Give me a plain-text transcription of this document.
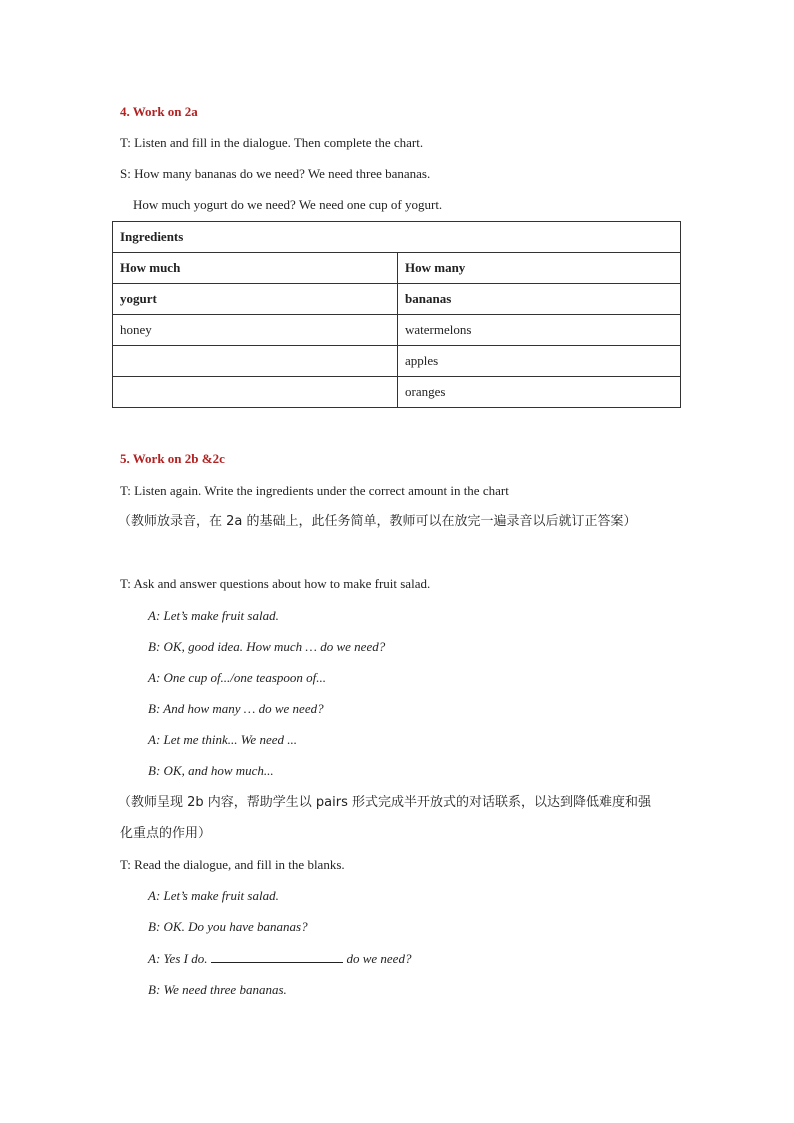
4. Work on 2a
T: Listen and fill in the dialogue. Then complete the chart.
S: How many bananas do we need? We need three bananas.
How much yogurt do we need? We need one cup of yogurt.
Ingredients	
How much	How many
yogurt	bananas
honey	watermelons
	apples
	oranges
5. Work on 2b &2c
T: Listen again. Write the ingredients under the correct amount in the chart
（教师放录音，在 2a 的基础上，此任务简单，教师可以在放完一遍录音以后就订正答案）
T: Ask and answer questions about how to make fruit salad.
A: Let’s make fruit salad.
B: OK, good idea. How much … do we need?
A: One cup of.../one teaspoon of...
B: And how many … do we need?
A: Let me think... We need ...
B: OK, and how much...
（教师呈现 2b 内容，帮助学生以 pairs 形式完成半开放式的对话联系，以达到降低难度和强
化重点的作用）
T: Read the dialogue, and fill in the blanks.
A: Let’s make fruit salad.
B: OK. Do you have bananas?
A: Yes I do.	do we need?
B: We need three bananas.
